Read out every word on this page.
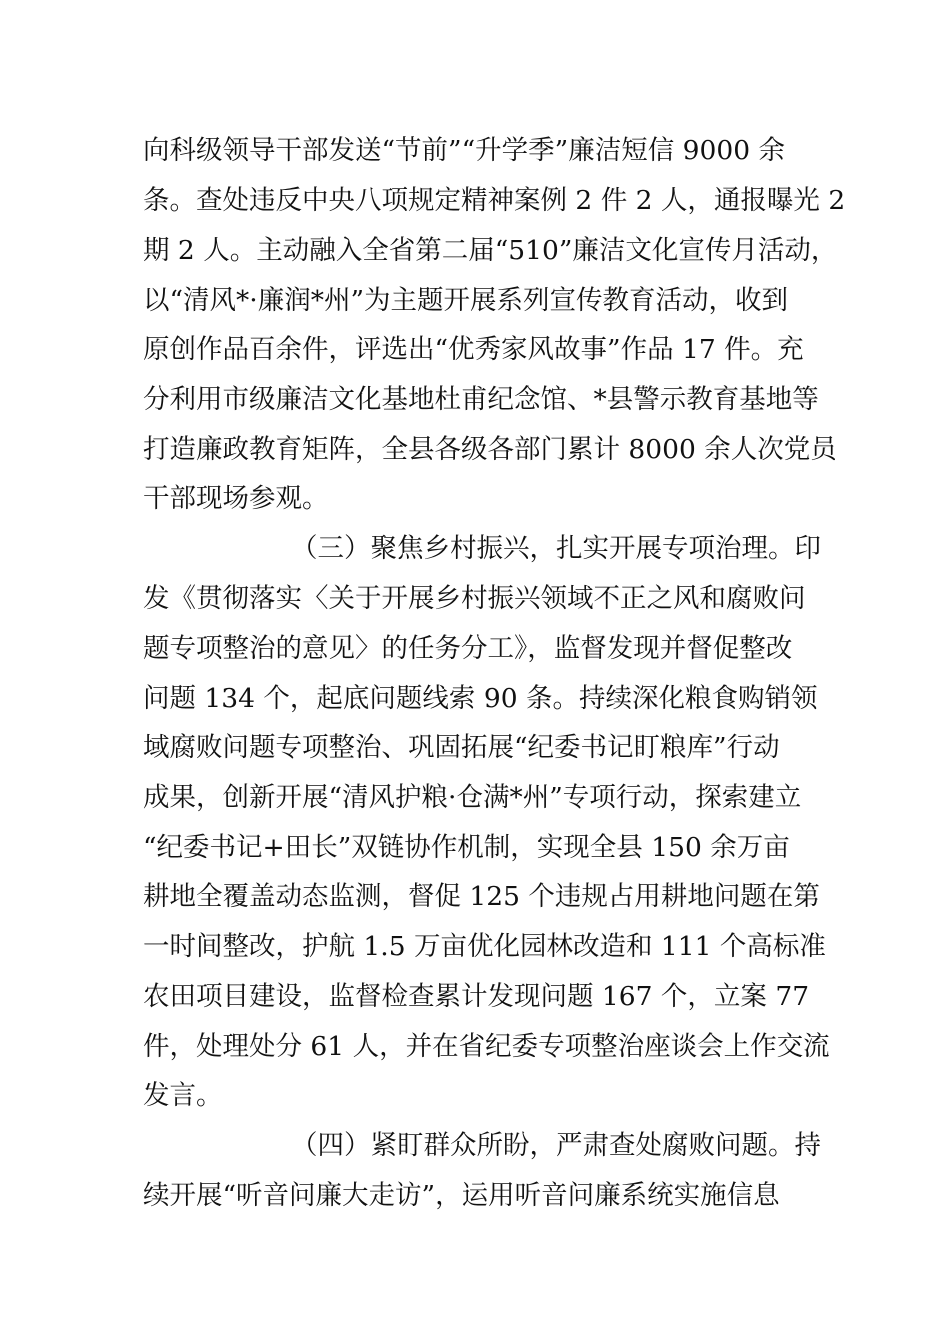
向科级领导干部发送“节前”“升学季”廉洁短信 9000 余
条。查处违反中央八项规定精神案例 2 件 2 人，通报曝光 2
期 2 人。主动融入全省第二届“510”廉洁文化宣传月活动，
以“清风*·廉润*州”为主题开展系列宣传教育活动，收到
原创作品百余件，评选出“优秀家风故事”作品 17 件。充
分利用市级廉洁文化基地杜甫纪念馆、*县警示教育基地等
打造廉政教育矩阵，全县各级各部门累计 8000 余人次党员
干部现场参观。
（三）聚焦乡村振兴，扎实开展专项治理。印
发《贯彻落实〈关于开展乡村振兴领域不正之风和腐败问
题专项整治的意见〉的任务分工》，监督发现并督促整改
问题 134 个，起底问题线索 90 条。持续深化粮食购销领
域腐败问题专项整治、巩固拓展“纪委书记盯粮库”行动
成果，创新开展“清风护粮·仓满*州”专项行动，探索建立
“纪委书记+田长”双链协作机制，实现全县 150 余万亩
耕地全覆盖动态监测，督促 125 个违规占用耕地问题在第
一时间整改，护航 1.5 万亩优化园林改造和 111 个高标准
农田项目建设，监督检查累计发现问题 167 个，立案 77
件，处理处分 61 人，并在省纪委专项整治座谈会上作交流
发言。
（四）紧盯群众所盼，严肃查处腐败问题。持
续开展“听音问廉大走访”，运用听音问廉系统实施信息
